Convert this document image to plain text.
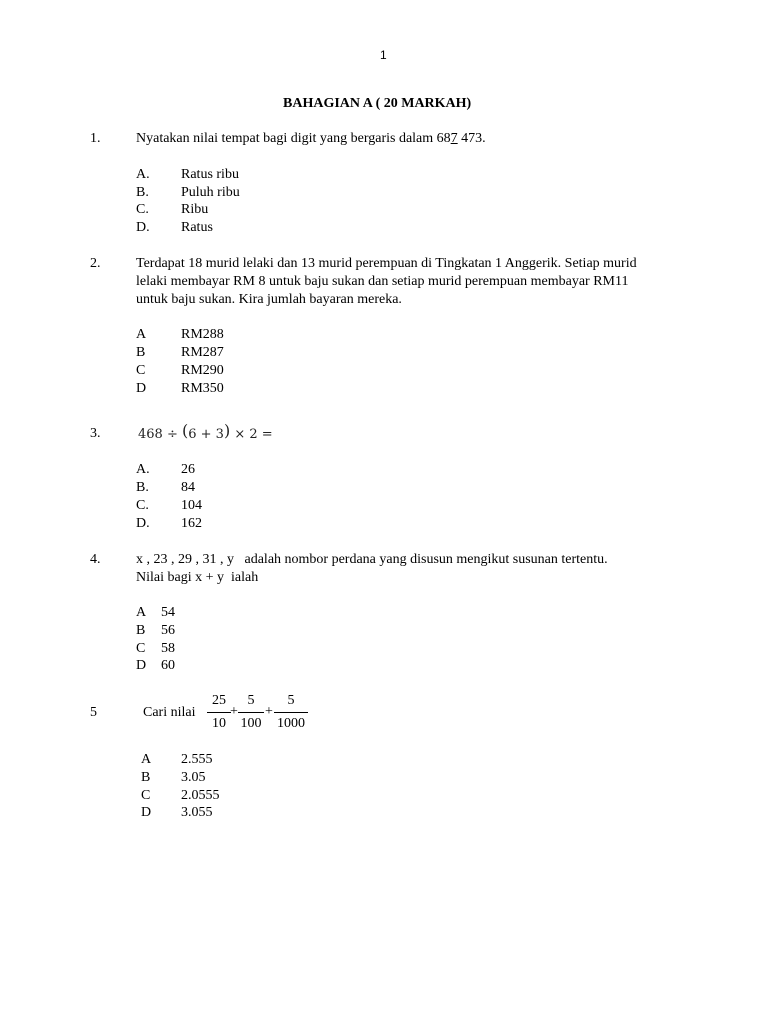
1
BAHAGIAN A ( 20 MARKAH)
1.	Nyatakan nilai tempat bagi digit yang bergaris dalam 687 473.
A. Ratus ribu
B. Puluh ribu
C. Ribu
D. Ratus
2.	Terdapat 18 murid lelaki dan 13 murid perempuan di Tingkatan 1 Anggerik. Setiap murid
lelaki membayar RM 8 untuk baju sukan dan setiap murid perempuan membayar RM11
untuk baju sukan. Kira jumlah bayaran mereka.
A RM288
B	RM287
C	RM290
D RM350
3.	468 ÷ (6 + 3) × 2 =
A. 26
B. 84
C. 104
D. 162
4.	x , 23 , 29 , 31 , y   adalah nombor perdana yang disusun mengikut susunan tertentu.
Nilai bagi x + y  ialah
A 54
B 56
C 58
D 60
5	Cari nilai $\frac{25}{10} + \frac{5}{100} + \frac{5}{1000}$
A 2.555
B 3.05
C 2.0555
D 3.055
